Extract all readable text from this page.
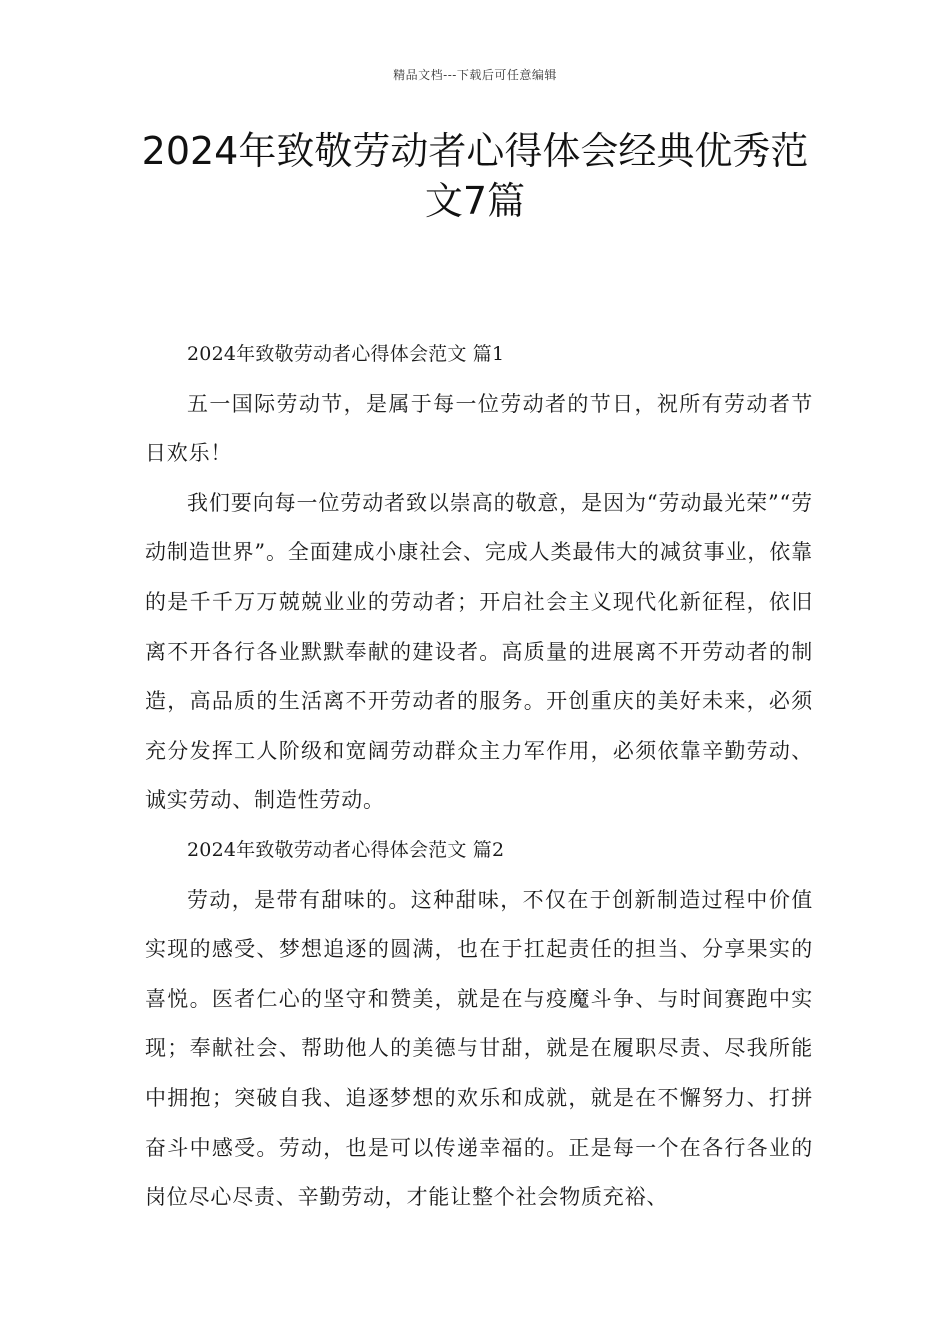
精品文档---下载后可任意编辑
2024年致敬劳动者心得体会经典优秀范
文7篇

2024年致敬劳动者心得体会范文 篇1

五一国际劳动节，是属于每一位劳动者的节日，祝所有劳动者节日欢乐！

我们要向每一位劳动者致以崇高的敬意，是因为“劳动最光荣”“劳动制造世界”。全面建成小康社会、完成人类最伟大的减贫事业，依靠的是千千万万兢兢业业的劳动者；开启社会主义现代化新征程，依旧离不开各行各业默默奉献的建设者。高质量的进展离不开劳动者的制造，高品质的生活离不开劳动者的服务。开创重庆的美好未来，必须充分发挥工人阶级和宽阔劳动群众主力军作用，必须依靠辛勤劳动、诚实劳动、制造性劳动。

2024年致敬劳动者心得体会范文 篇2

劳动，是带有甜味的。这种甜味，不仅在于创新制造过程中价值实现的感受、梦想追逐的圆满，也在于扛起责任的担当、分享果实的喜悦。医者仁心的坚守和赞美，就是在与疫魔斗争、与时间赛跑中实现；奉献社会、帮助他人的美德与甘甜，就是在履职尽责、尽我所能中拥抱；突破自我、追逐梦想的欢乐和成就，就是在不懈努力、打拼奋斗中感受。劳动，也是可以传递幸福的。正是每一个在各行各业的岗位尽心尽责、辛勤劳动，才能让整个社会物质充裕、
